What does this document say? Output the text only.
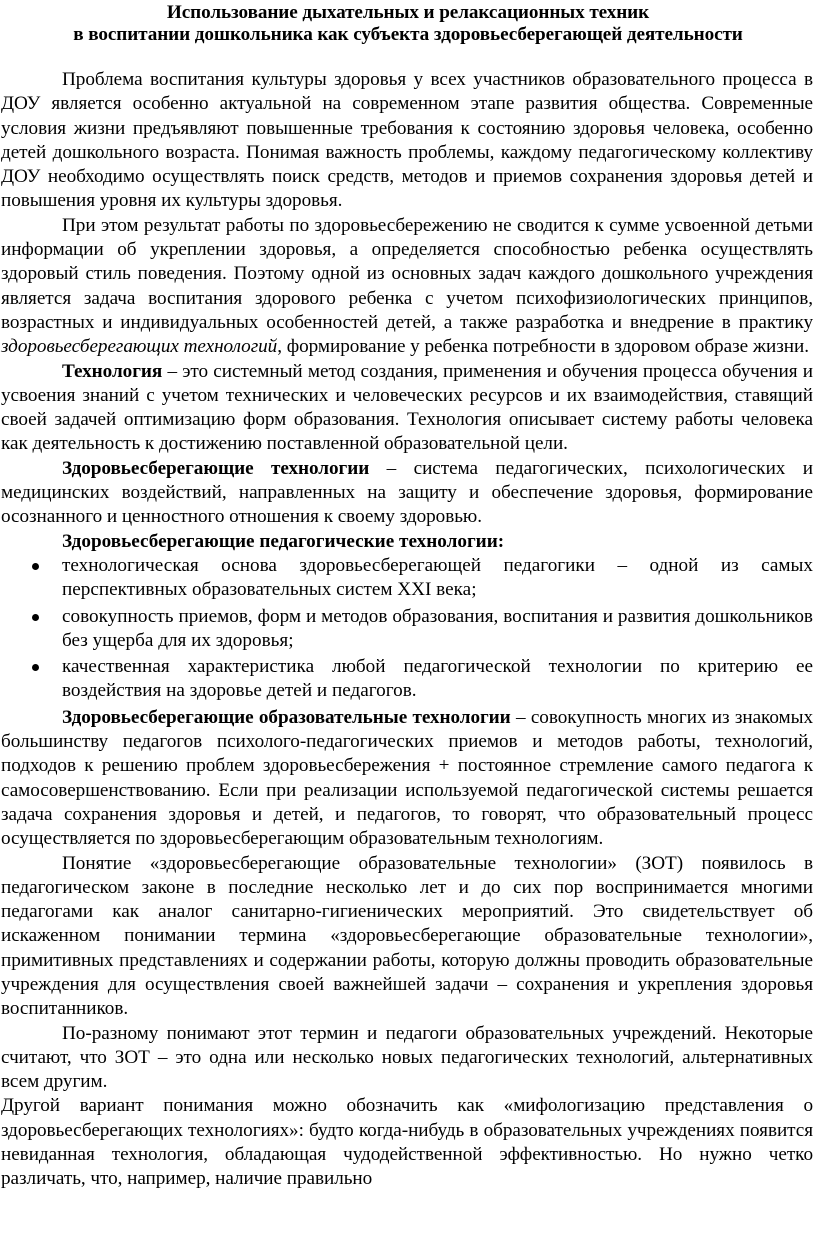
Использование дыхательных и релаксационных техник
в воспитании дошкольника как субъекта здоровьесберегающей деятельности

Проблема воспитания культуры здоровья у всех участников образовательного процесса в ДОУ является особенно актуальной на современном этапе развития общества. Современные условия жизни предъявляют повышенные требования к состоянию здоровья человека, особенно детей дошкольного возраста. Понимая важность проблемы, каждому педагогическому коллективу ДОУ необходимо осуществлять поиск средств, методов и приемов сохранения здоровья детей и повышения уровня их культуры здоровья.

При этом результат работы по здоровьесбережению не сводится к сумме усвоенной детьми информации об укреплении здоровья, а определяется способностью ребенка осуществлять здоровый стиль поведения. Поэтому одной из основных задач каждого дошкольного учреждения является задача воспитания здорового ребенка с учетом психофизиологических принципов, возрастных и индивидуальных особенностей детей, а также разработка и внедрение в практику здоровьесберегающих технологий, формирование у ребенка потребности в здоровом образе жизни.

Технология – это системный метод создания, применения и обучения процесса обучения и усвоения знаний с учетом технических и человеческих ресурсов и их взаимодействия, ставящий своей задачей оптимизацию форм образования. Технология описывает систему работы человека как деятельность к достижению поставленной образовательной цели.

Здоровьесберегающие технологии – система педагогических, психологических и медицинских воздействий, направленных на защиту и обеспечение здоровья, формирование осознанного и ценностного отношения к своему здоровью.

Здоровьесберегающие педагогические технологии:

технологическая основа здоровьесберегающей педагогики – одной из самых перспективных образовательных систем XXI века;
совокупность приемов, форм и методов образования, воспитания и развития дошкольников без ущерба для их здоровья;
качественная характеристика любой педагогической технологии по критерию ее воздействия на здоровье детей и педагогов.

Здоровьесберегающие образовательные технологии – совокупность многих из знакомых большинству педагогов психолого-педагогических приемов и методов работы, технологий, подходов к решению проблем здоровьесбережения + постоянное стремление самого педагога к самосовершенствованию. Если при реализации используемой педагогической системы решается задача сохранения здоровья и детей, и педагогов, то говорят, что образовательный процесс осуществляется по здоровьесберегающим образовательным технологиям.

Понятие «здоровьесберегающие образовательные технологии» (ЗОТ) появилось в педагогическом законе в последние несколько лет и до сих пор воспринимается многими педагогами как аналог санитарно-гигиенических мероприятий. Это свидетельствует об искаженном понимании термина «здоровьесберегающие образовательные технологии», примитивных представлениях и содержании работы, которую должны проводить образовательные учреждения для осуществления своей важнейшей задачи – сохранения и укрепления здоровья воспитанников.

По-разному понимают этот термин и педагоги образовательных учреждений. Некоторые считают, что ЗОТ – это одна или несколько новых педагогических технологий, альтернативных всем другим.

Другой вариант понимания можно обозначить как «мифологизацию представления о здоровьесберегающих технологиях»: будто когда-нибудь в образовательных учреждениях появится невиданная технология, обладающая чудодейственной эффективностью. Но нужно четко различать, что, например, наличие правильно
